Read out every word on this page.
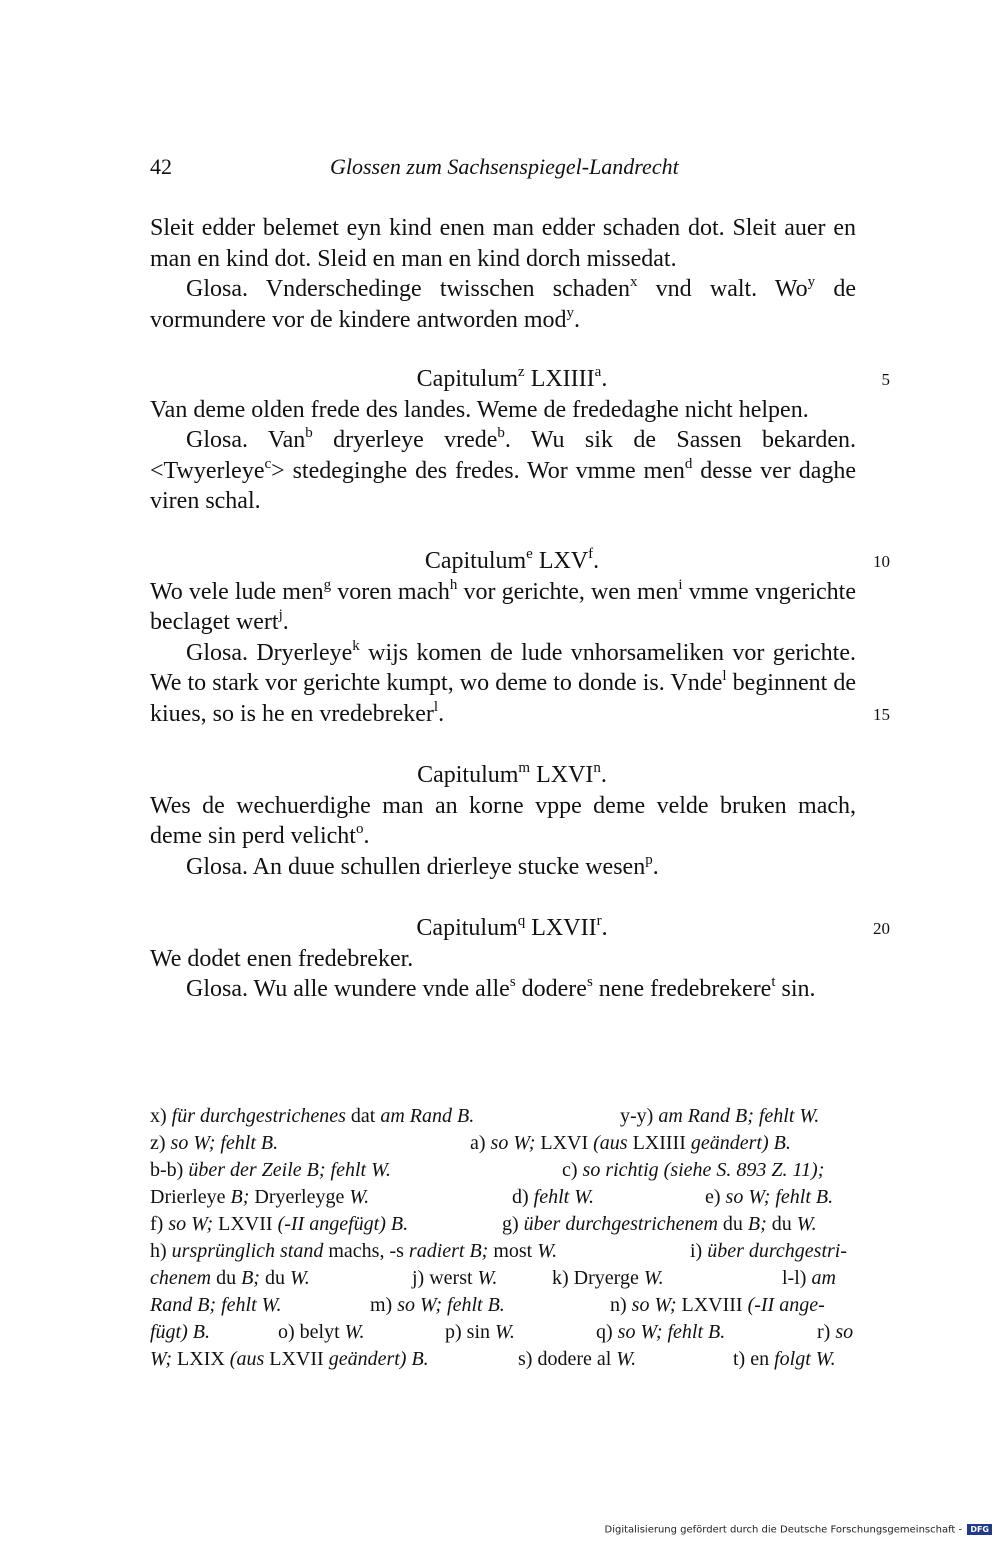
42	Glossen zum Sachsenspiegel-Landrecht

Sleit edder belemet eyn kind enen man edder schaden dot. Sleit auer en man en kind dot. Sleid en man en kind dorch missedat.

Glosa. Vnderschedinge twisschen schaden$^x$ vnd walt. Wo$^y$ de vormundere vor de kindere antworden mod$^y$.

Capitulum$^z$ LXIIII$^a$.

Van deme olden frede des landes. Weme de frededaghe nicht helpen.

Glosa. Van$^b$ dryerleye vrede$^b$. Wu sik de Sassen bekarden. <Twyerleye$^c$> stedeginghe des fredes. Wor vmme men$^d$ desse ver daghe viren schal.

Capitulum$^e$ LXV$^f$.

Wo vele lude men$^g$ voren mach$^h$ vor gerichte, wen men$^i$ vmme vngerichte beclaget wert$^j$.

Glosa. Dryerleye$^k$ wijs komen de lude vnhorsameliken vor gerichte. We to stark vor gerichte kumpt, wo deme to donde is. Vnde$^l$ beginnent de kiues, so is he en vredebreker$^l$.

Capitulum$^m$ LXVI$^n$.

Wes de wechuerdighe man an korne vppe deme velde bruken mach, deme sin perd velicht$^o$.

Glosa. An duue schullen drierleye stucke wesen$^p$.

Capitulum$^q$ LXVII$^r$.

We dodet enen fredebreker.

Glosa. Wu alle wundere vnde alle$^s$ dodere$^s$ nene fredebrekere$^t$ sin.

5
10
15
20
x) für durchgestrichenes dat am Rand B.	y-y) am Rand B; fehlt W.
z) so W; fehlt B.	a) so W; LXVI (aus LXIIII geändert) B.
b-b) über der Zeile B; fehlt W.	c) so richtig (siehe S. 893 Z. 11);
Drierleye B; Dryerleyge W.	d) fehlt W.	e) so W; fehlt B.
f) so W; LXVII (-II angefügt) B.	g) über durchgestrichenem du B; du W.
h) ursprünglich stand machs, -s radiert B; most W.	i) über durchgestri-
chenem du B; du W.	j) werst W.	k) Dryerge W.	l-l) am
Rand B; fehlt W.	m) so W; fehlt B.	n) so W; LXVIII (-II ange-
fügt) B.	o) belyt W.	p) sin W.	q) so W; fehlt B.	r) so
W; LXIX (aus LXVII geändert) B.	s) dodere al W.	t) en folgt W.
Digitalisierung gefördert durch die Deutsche Forschungsgemeinschaft - DFG
